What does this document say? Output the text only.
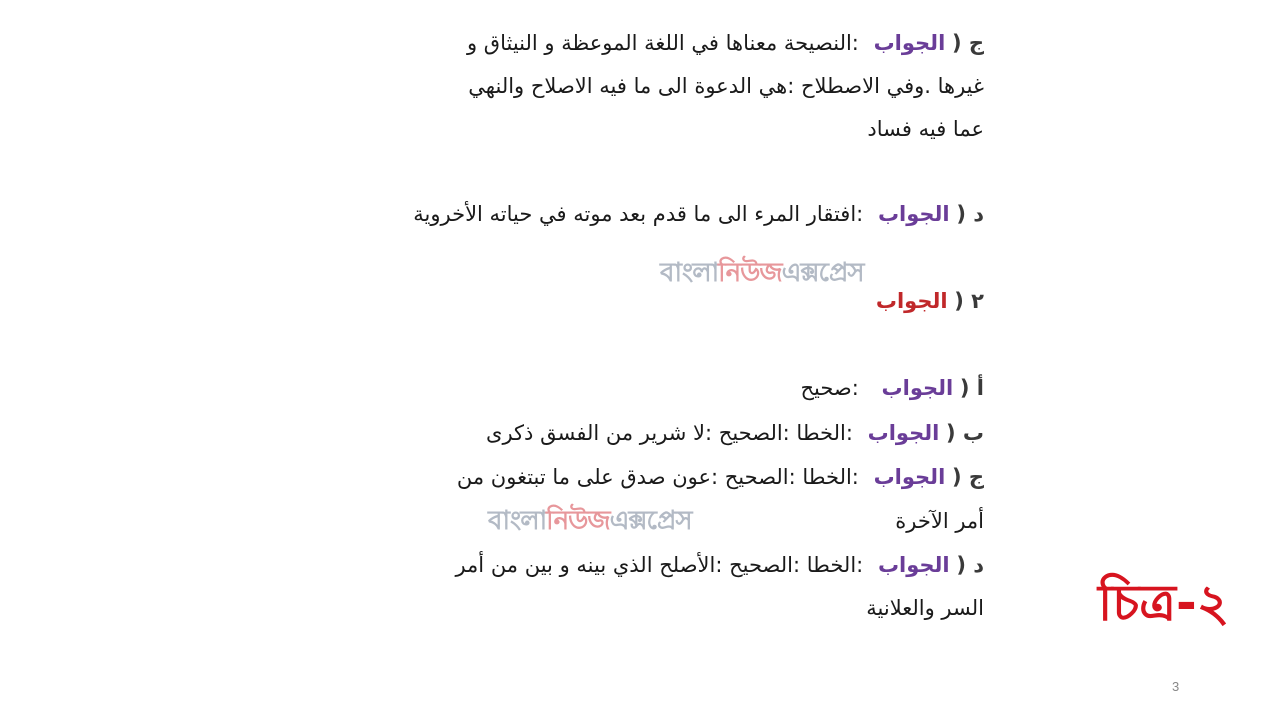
ج ( الجواب :النصيحة معناها في اللغة الموعظة و النيثاق و
غيرها .وفي الاصطلاح :هي الدعوة الى ما فيه الاصلاح والنهي
عما فيه فساد
د ( الجواب :افتقار المرء الى ما قدم بعد موته في حياته الأخروية
বাংলানিউজএক্সপ্রেস
٢ ( الجواب
أ ( الجواب :صحيح
ب ( الجواب :الخطا :الصحيح :لا شرير من الفسق ذكرى
ج ( الجواب :الخطا :الصحيح :عون صدق على ما تبتغون من
বাংলানিউজএক্সপ্রেস	أمر الآخرة
د ( الجواب :الخطا :الصحيح :الأصلح الذي بينه و بين من أمر
السر والعلانية চিত্র-২
3
